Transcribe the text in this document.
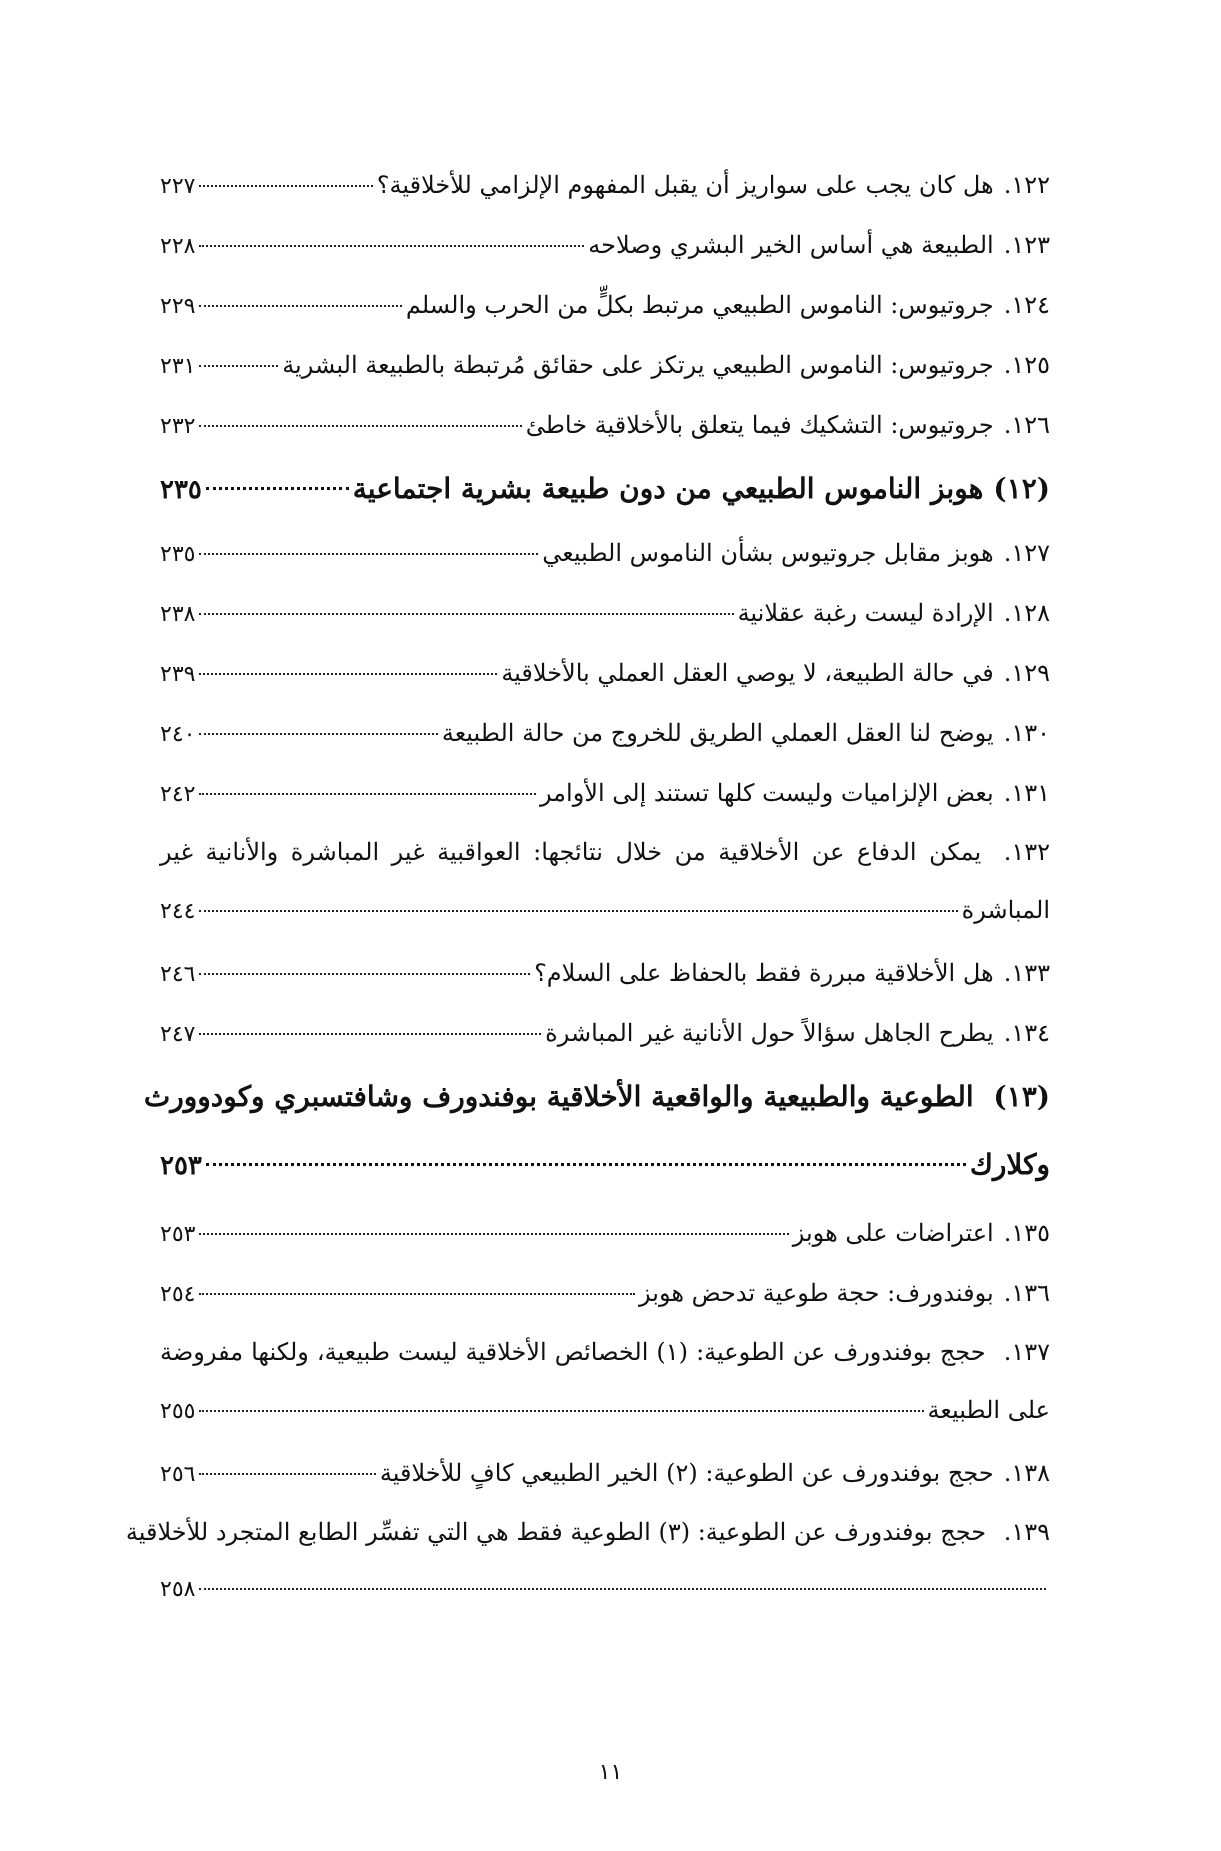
١٢٢.
هل كان يجب على سواريز أن يقبل المفهوم الإلزامي للأخلاقية؟
٢٢٧
١٢٣.
الطبيعة هي أساس الخير البشري وصلاحه
٢٢٨
١٢٤.
جروتيوس: الناموس الطبيعي مرتبط بكلٍّ من الحرب والسلم
٢٢٩
١٢٥.
جروتيوس: الناموس الطبيعي يرتكز على حقائق مُرتبطة بالطبيعة البشرية
٢٣١
١٢٦.
جروتيوس: التشكيك فيما يتعلق بالأخلاقية خاطئ
٢٣٢
(١٢)
هوبز الناموس الطبيعي من دون طبيعة بشرية اجتماعية
٢٣٥
١٢٧.
هوبز مقابل جروتيوس بشأن الناموس الطبيعي
٢٣٥
١٢٨.
الإرادة ليست رغبة عقلانية
٢٣٨
١٢٩.
في حالة الطبيعة، لا يوصي العقل العملي بالأخلاقية
٢٣٩
١٣٠.
يوضح لنا العقل العملي الطريق للخروج من حالة الطبيعة
٢٤٠
١٣١.
بعض الإلزاميات وليست كلها تستند إلى الأوامر
٢٤٢
١٣٢. يمكن الدفاع عن الأخلاقية من خلال نتائجها: العواقبية غير المباشرة والأنانية غير
المباشرة
٢٤٤
١٣٣.
هل الأخلاقية مبررة فقط بالحفاظ على السلام؟
٢٤٦
١٣٤.
يطرح الجاهل سؤالاً حول الأنانية غير المباشرة
٢٤٧
(١٣) الطوعية والطبيعية والواقعية الأخلاقية بوفندورف وشافتسبري وكودوورث
وكلارك
٢٥٣
١٣٥.
اعتراضات على هوبز
٢٥٣
١٣٦.
بوفندورف: حجة طوعية تدحض هوبز
٢٥٤
١٣٧. حجج بوفندورف عن الطوعية: (١) الخصائص الأخلاقية ليست طبيعية، ولكنها مفروضة
على الطبيعة
٢٥٥
١٣٨.
حجج بوفندورف عن الطوعية: (٢) الخير الطبيعي كافٍ للأخلاقية
٢٥٦
١٣٩. حجج بوفندورف عن الطوعية: (٣) الطوعية فقط هي التي تفسِّر الطابع المتجرد للأخلاقية
٢٥٨
١١
